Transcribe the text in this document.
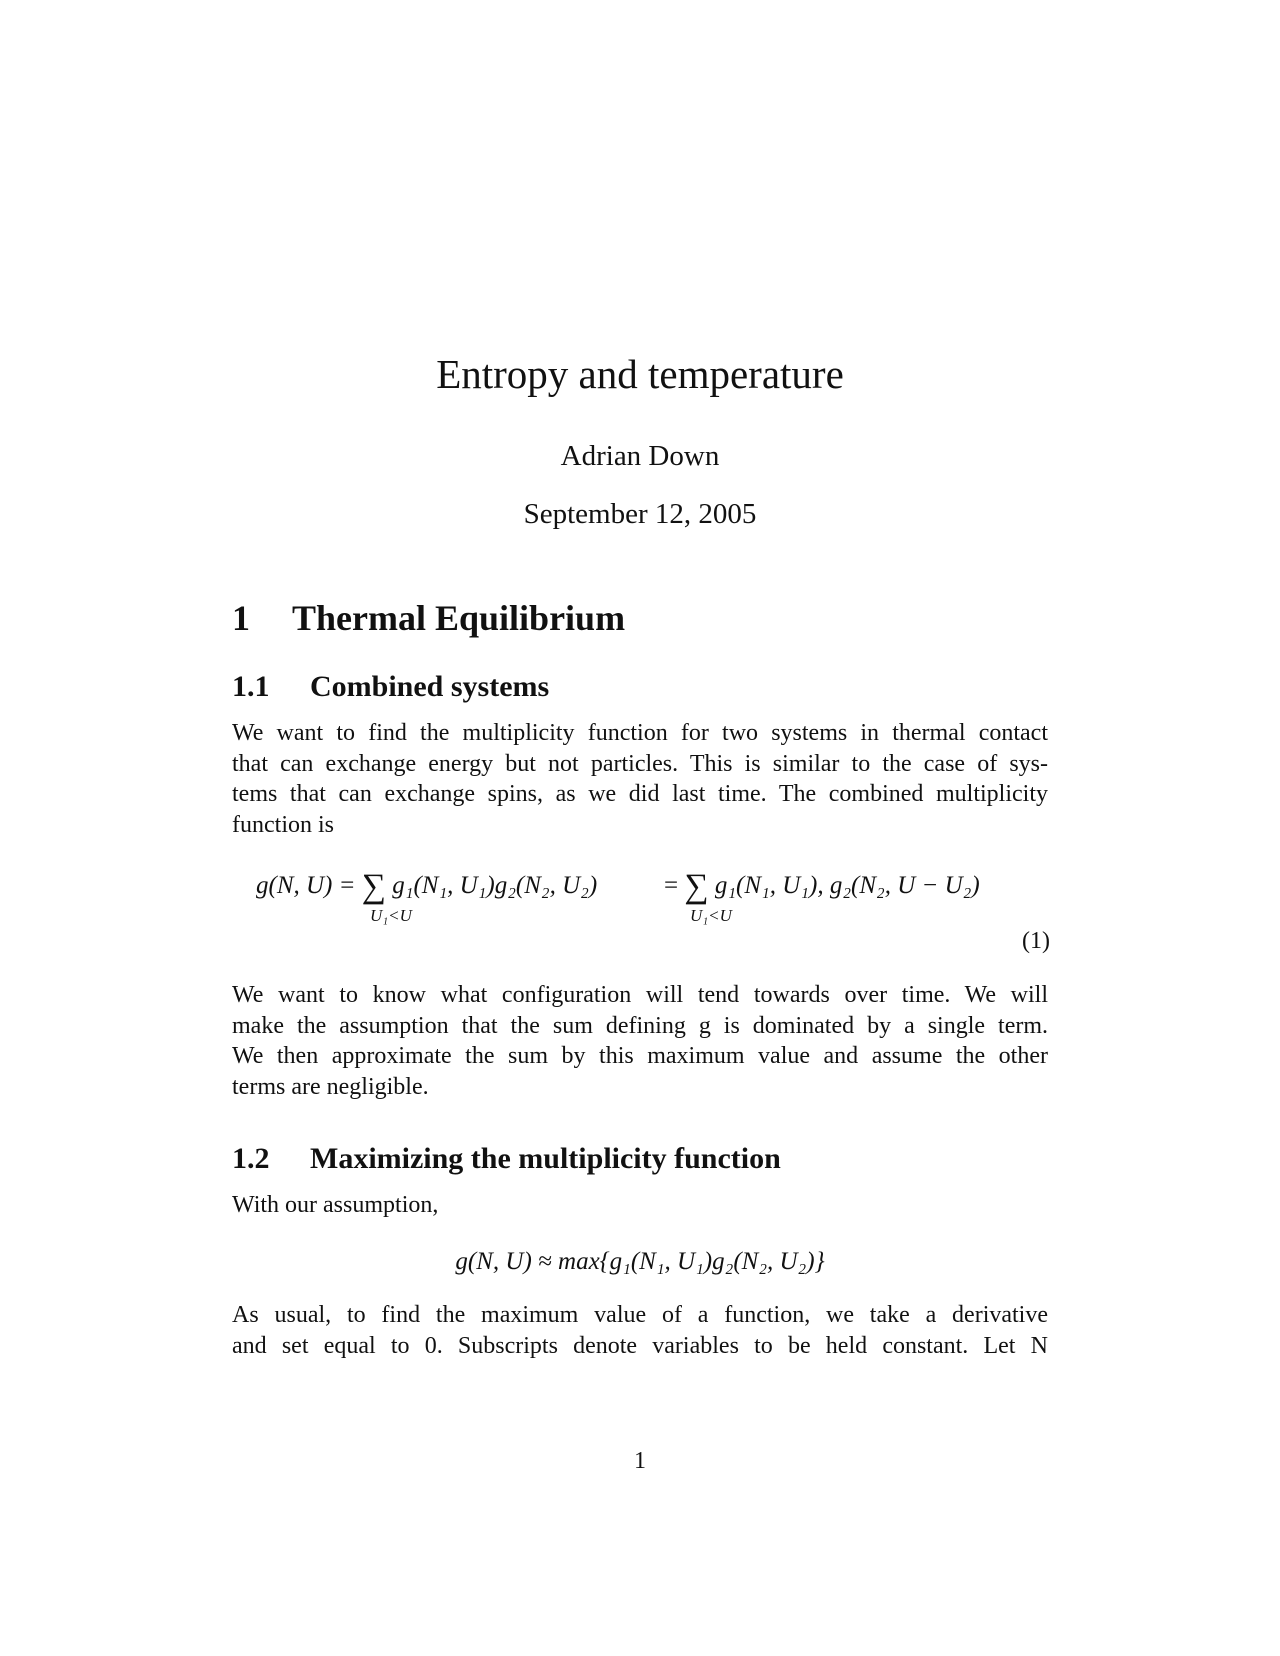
Entropy and temperature
Adrian Down
September 12, 2005
1 Thermal Equilibrium
1.1 Combined systems
We want to find the multiplicity function for two systems in thermal contact
that can exchange energy but not particles. This is similar to the case of sys-
tems that can exchange spins, as we did last time. The combined multiplicity
function is
g(N, U) = ∑ g₁(N₁, U₁)g₂(N₂, U₂)
U₁<U
= ∑ g₁(N₁, U₁), g₂(N₂, U − U₂)
U₁<U
(1)
We want to know what configuration will tend towards over time. We will
make the assumption that the sum defining g is dominated by a single term.
We then approximate the sum by this maximum value and assume the other
terms are negligible.
1.2 Maximizing the multiplicity function
With our assumption,
g(N, U) ≈ max{g₁(N₁, U₁)g₂(N₂, U₂)}
As usual, to find the maximum value of a function, we take a derivative
and set equal to 0. Subscripts denote variables to be held constant. Let N
1
